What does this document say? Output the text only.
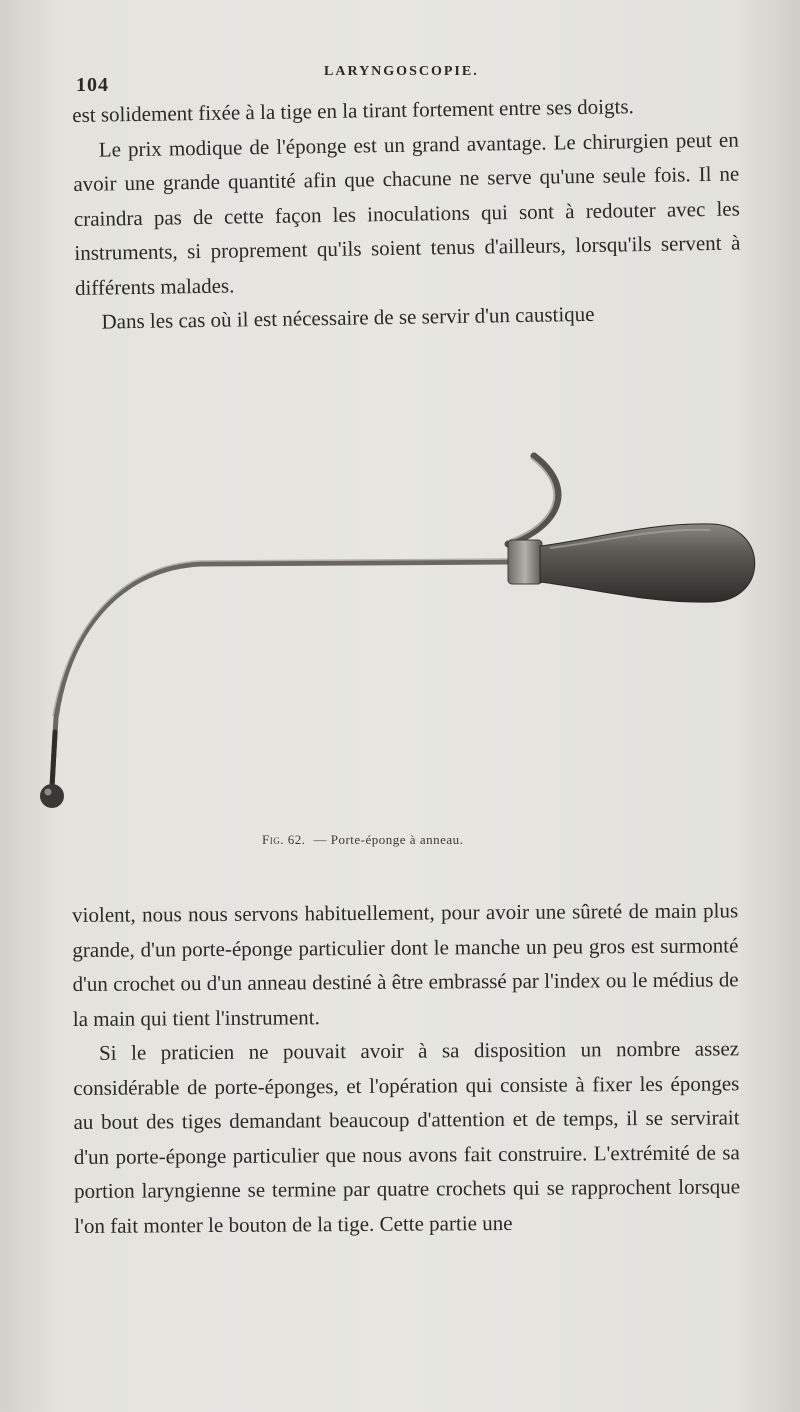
104
LARYNGOSCOPIE.

est solidement fixée à la tige en la tirant fortement entre ses doigts.

Le prix modique de l'éponge est un grand avantage. Le chirurgien peut en avoir une grande quantité afin que chacune ne serve qu'une seule fois. Il ne craindra pas de cette façon les inoculations qui sont à redouter avec les instruments, si proprement qu'ils soient tenus d'ailleurs, lorsqu'ils servent à différents malades.

Dans les cas où il est nécessaire de se servir d'un caustique

Fig. 62. — Porte-éponge à anneau.

violent, nous nous servons habituellement, pour avoir une sûreté de main plus grande, d'un porte-éponge particulier dont le manche un peu gros est surmonté d'un crochet ou d'un anneau destiné à être embrassé par l'index ou le médius de la main qui tient l'instrument.

Si le praticien ne pouvait avoir à sa disposition un nombre assez considérable de porte-éponges, et l'opération qui consiste à fixer les éponges au bout des tiges demandant beaucoup d'attention et de temps, il se servirait d'un porte-éponge particulier que nous avons fait construire. L'extrémité de sa portion laryngienne se termine par quatre crochets qui se rapprochent lorsque l'on fait monter le bouton de la tige. Cette partie une
